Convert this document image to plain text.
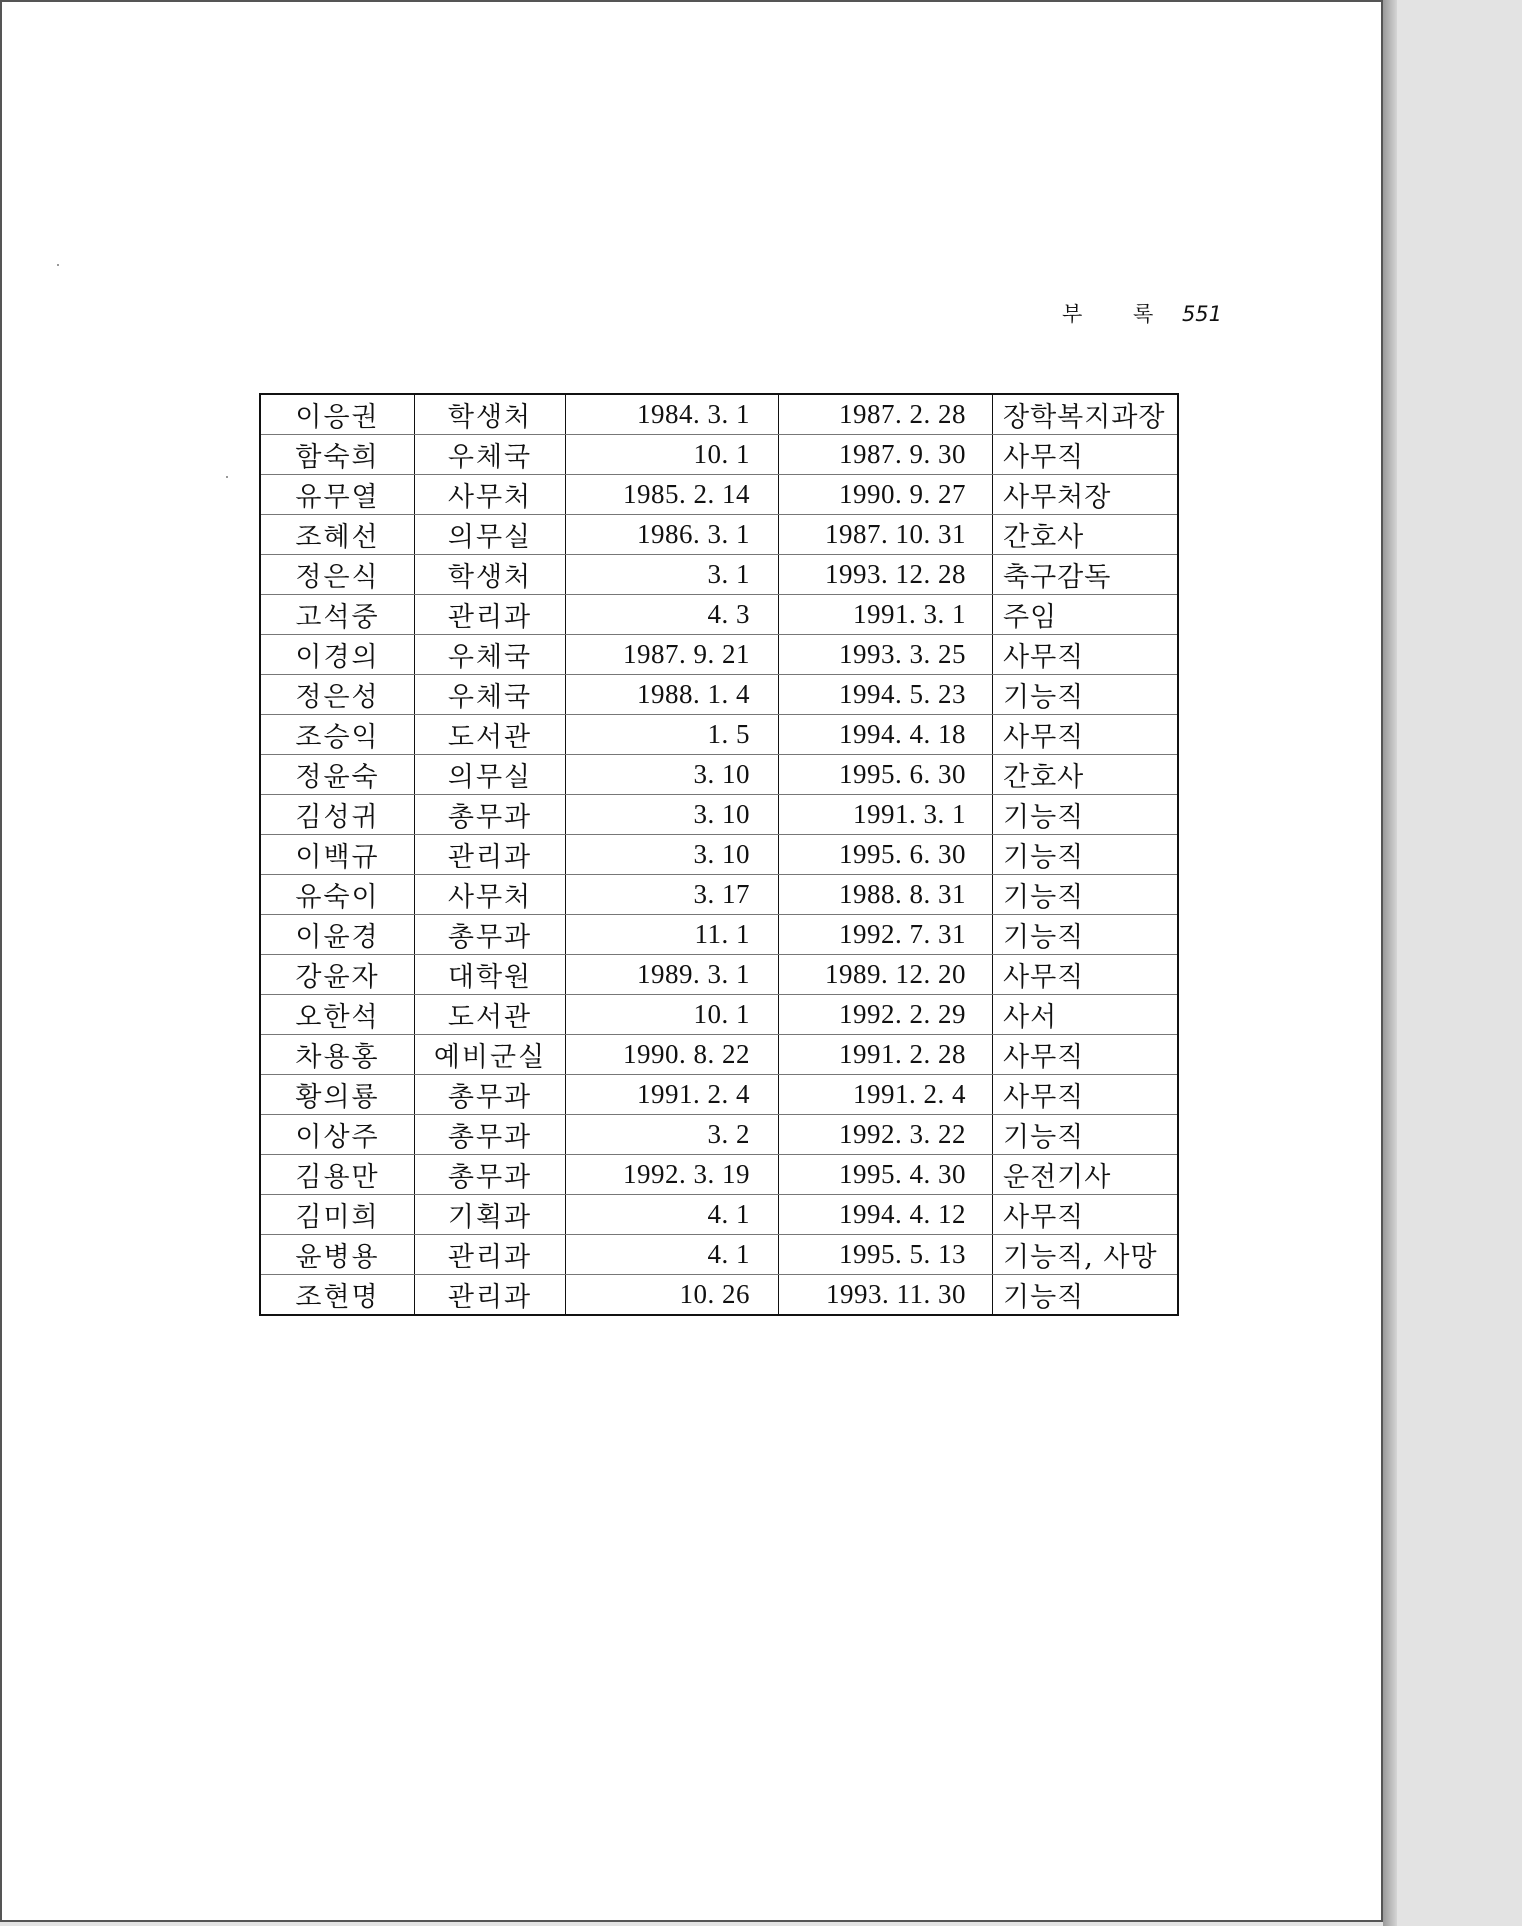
부 록 551
이응권	학생처	1984. 3. 1	1987. 2. 28	장학복지과장
함숙희	우체국	10. 1	1987. 9. 30	사무직
유무열	사무처	1985. 2. 14	1990. 9. 27	사무처장
조혜선	의무실	1986. 3. 1	1987. 10. 31	간호사
정은식	학생처	3. 1	1993. 12. 28	축구감독
고석중	관리과	4. 3	1991. 3. 1	주임
이경의	우체국	1987. 9. 21	1993. 3. 25	사무직
정은성	우체국	1988. 1. 4	1994. 5. 23	기능직
조승익	도서관	1. 5	1994. 4. 18	사무직
정윤숙	의무실	3. 10	1995. 6. 30	간호사
김성귀	총무과	3. 10	1991. 3. 1	기능직
이백규	관리과	3. 10	1995. 6. 30	기능직
유숙이	사무처	3. 17	1988. 8. 31	기능직
이윤경	총무과	11. 1	1992. 7. 31	기능직
강윤자	대학원	1989. 3. 1	1989. 12. 20	사무직
오한석	도서관	10. 1	1992. 2. 29	사서
차용홍	예비군실	1990. 8. 22	1991. 2. 28	사무직
황의룡	총무과	1991. 2. 4	1991. 2. 4	사무직
이상주	총무과	3. 2	1992. 3. 22	기능직
김용만	총무과	1992. 3. 19	1995. 4. 30	운전기사
김미희	기획과	4. 1	1994. 4. 12	사무직
윤병용	관리과	4. 1	1995. 5. 13	기능직, 사망
조현명	관리과	10. 26	1993. 11. 30	기능직
